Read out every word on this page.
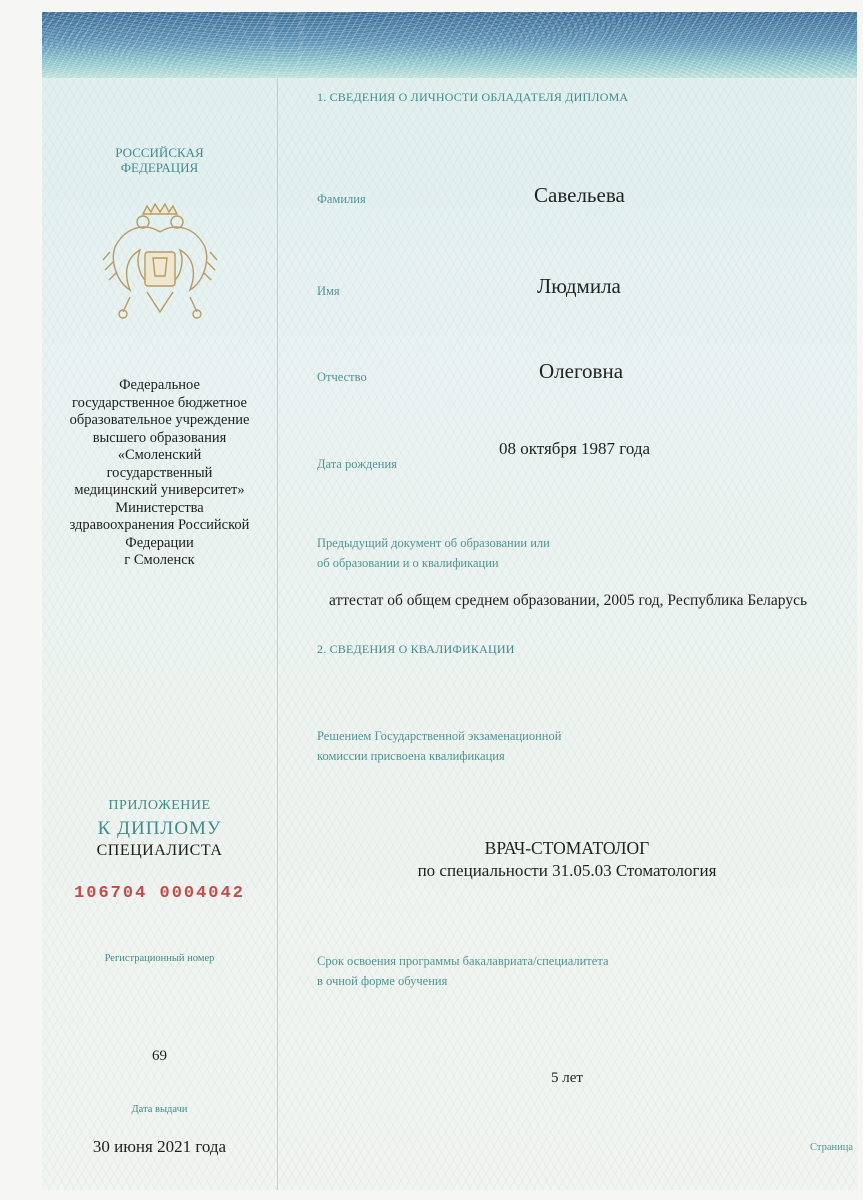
РОССИЙСКАЯ
ФЕДЕРАЦИЯ
Федеральное
государственное бюджетное
образовательное учреждение
высшего образования
«Смоленский
государственный
медицинский университет»
Министерства
здравоохранения Российской
Федерации
г Смоленск
ПРИЛОЖЕНИЕ
К ДИПЛОМУ
СПЕЦИАЛИСТА
106704 0004042
Регистрационный номер
69
Дата выдачи
30 июня 2021 года
1. СВЕДЕНИЯ О ЛИЧНОСТИ ОБЛАДАТЕЛЯ ДИПЛОМА
Фамилия	Савельева
Имя	Людмила
Отчество	Олеговна
Дата рождения
08 октября 1987 года
Предыдущий документ об образовании или
об образовании и о квалификации
аттестат об общем среднем образовании, 2005 год, Республика Беларусь
2. СВЕДЕНИЯ О КВАЛИФИКАЦИИ
Решением Государственной экзаменационной
комиссии присвоена квалификация
ВРАЧ-СТОМАТОЛОГ
по специальности 31.05.03 Стоматология
Срок освоения программы бакалавриата/специалитета
в очной форме обучения
5 лет
Страница
